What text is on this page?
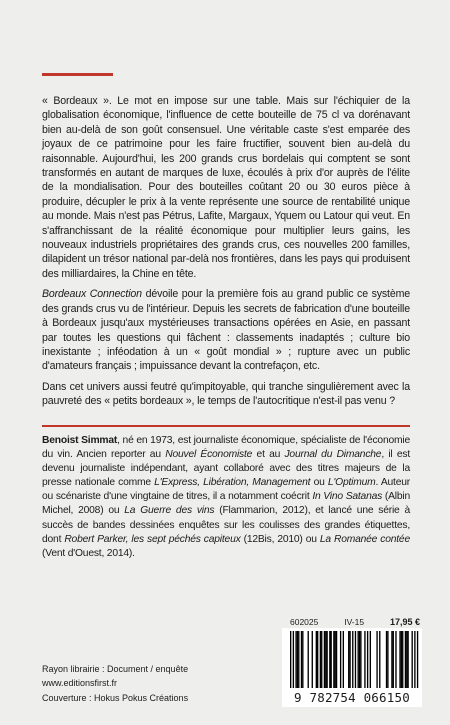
« Bordeaux ». Le mot en impose sur une table. Mais sur l'échiquier de la globalisation économique, l'influence de cette bouteille de 75 cl va dorénavant bien au-delà de son goût consensuel. Une véritable caste s'est emparée des joyaux de ce patrimoine pour les faire fructifier, souvent bien au-delà du raisonnable. Aujourd'hui, les 200 grands crus bordelais qui comptent se sont transformés en autant de marques de luxe, écoulés à prix d'or auprès de l'élite de la mondialisation. Pour des bouteilles coûtant 20 ou 30 euros pièce à produire, décupler le prix à la vente représente une source de rentabilité unique au monde. Mais n'est pas Pétrus, Lafite, Margaux, Yquem ou Latour qui veut. En s'affranchissant de la réalité économique pour multiplier leurs gains, les nouveaux industriels propriétaires des grands crus, ces nouvelles 200 familles, dilapident un trésor national par-delà nos frontières, dans les pays qui produisent des milliardaires, la Chine en tête.

Bordeaux Connection dévoile pour la première fois au grand public ce système des grands crus vu de l'intérieur. Depuis les secrets de fabrication d'une bouteille à Bordeaux jusqu'aux mystérieuses transactions opérées en Asie, en passant par toutes les questions qui fâchent : classements inadaptés ; culture bio inexistante ; inféodation à un « goût mondial » ; rupture avec un public d'amateurs français ; impuissance devant la contrefaçon, etc.

Dans cet univers aussi feutré qu'impitoyable, qui tranche singulièrement avec la pauvreté des « petits bordeaux », le temps de l'autocritique n'est-il pas venu ?

Benoist Simmat, né en 1973, est journaliste économique, spécialiste de l'économie du vin. Ancien reporter au Nouvel Économiste et au Journal du Dimanche, il est devenu journaliste indépendant, ayant collaboré avec des titres majeurs de la presse nationale comme L'Express, Libération, Management ou L'Optimum. Auteur ou scénariste d'une vingtaine de titres, il a notamment coécrit In Vino Satanas (Albin Michel, 2008) ou La Guerre des vins (Flammarion, 2012), et lancé une série à succès de bandes dessinées enquêtes sur les coulisses des grandes étiquettes, dont Robert Parker, les sept péchés capiteux (12Bis, 2010) ou La Romanée contée (Vent d'Ouest, 2014).

602025	IV-15	17,95 €
9 782754 066150
Rayon librairie : Document / enquête
www.editionsfirst.fr
Couverture : Hokus Pokus Créations
